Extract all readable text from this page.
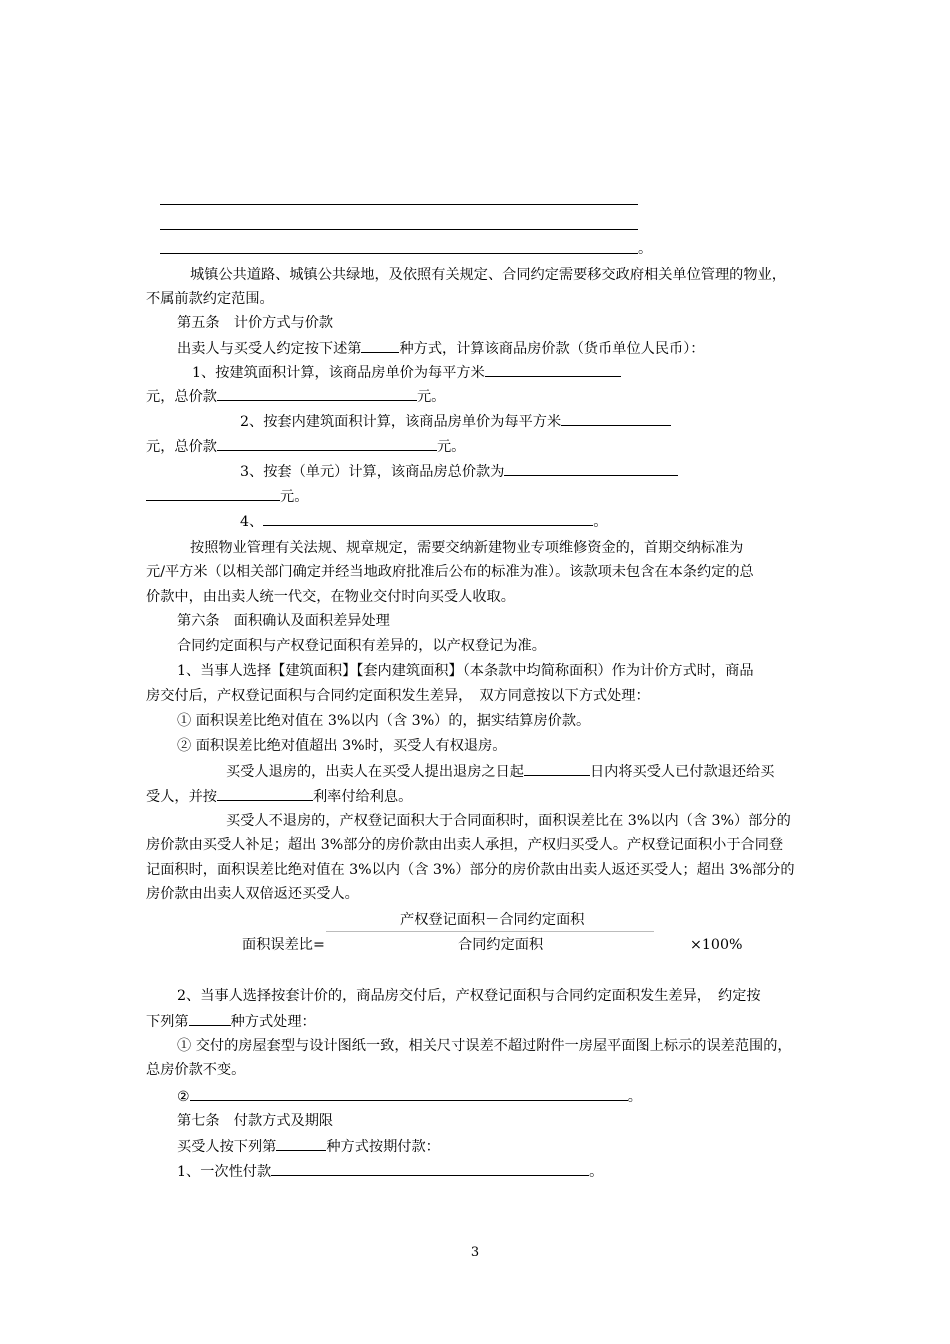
。
城镇公共道路、城镇公共绿地，及依照有关规定、合同约定需要移交政府相关单位管理的物业，
不属前款约定范围。
第五条　计价方式与价款
出卖人与买受人约定按下述第	种方式，计算该商品房价款（货币单位人民币）：
1、按建筑面积计算，该商品房单价为每平方米
元，总价款	元。
2、按套内建筑面积计算，该商品房单价为每平方米
元，总价款	元。
3、按套（单元）计算，该商品房总价款为
元。
4、	。
按照物业管理有关法规、规章规定，需要交纳新建物业专项维修资金的，首期交纳标准为
元/平方米（以相关部门确定并经当地政府批准后公布的标准为准）。该款项未包含在本条约定的总
价款中，由出卖人统一代交，在物业交付时向买受人收取。
第六条　面积确认及面积差异处理
合同约定面积与产权登记面积有差异的，以产权登记为准。
1、当事人选择【建筑面积】【套内建筑面积】（本条款中均简称面积）作为计价方式时，商品
房交付后，产权登记面积与合同约定面积发生差异，　双方同意按以下方式处理：
① 面积误差比绝对值在 3%以内（含 3%）的，据实结算房价款。
② 面积误差比绝对值超出 3%时，买受人有权退房。
买受人退房的，出卖人在买受人提出退房之日起	日内将买受人已付款退还给买
受人，并按	利率付给利息。
买受人不退房的，产权登记面积大于合同面积时，面积误差比在 3%以内（含 3%）部分的
房价款由买受人补足；超出 3%部分的房价款由出卖人承担，产权归买受人。产权登记面积小于合同登
记面积时，面积误差比绝对值在 3%以内（含 3%）部分的房价款由出卖人返还买受人；超出 3%部分的
房价款由出卖人双倍返还买受人。
产权登记面积－合同约定面积
面积误差比=	合同约定面积	×100%
2、当事人选择按套计价的，商品房交付后，产权登记面积与合同约定面积发生差异，　约定按
下列第	种方式处理：
① 交付的房屋套型与设计图纸一致，相关尺寸误差不超过附件一房屋平面图上标示的误差范围的，
总房价款不变。
②	。
第七条　付款方式及期限
买受人按下列第	种方式按期付款：
1、一次性付款	。
3
